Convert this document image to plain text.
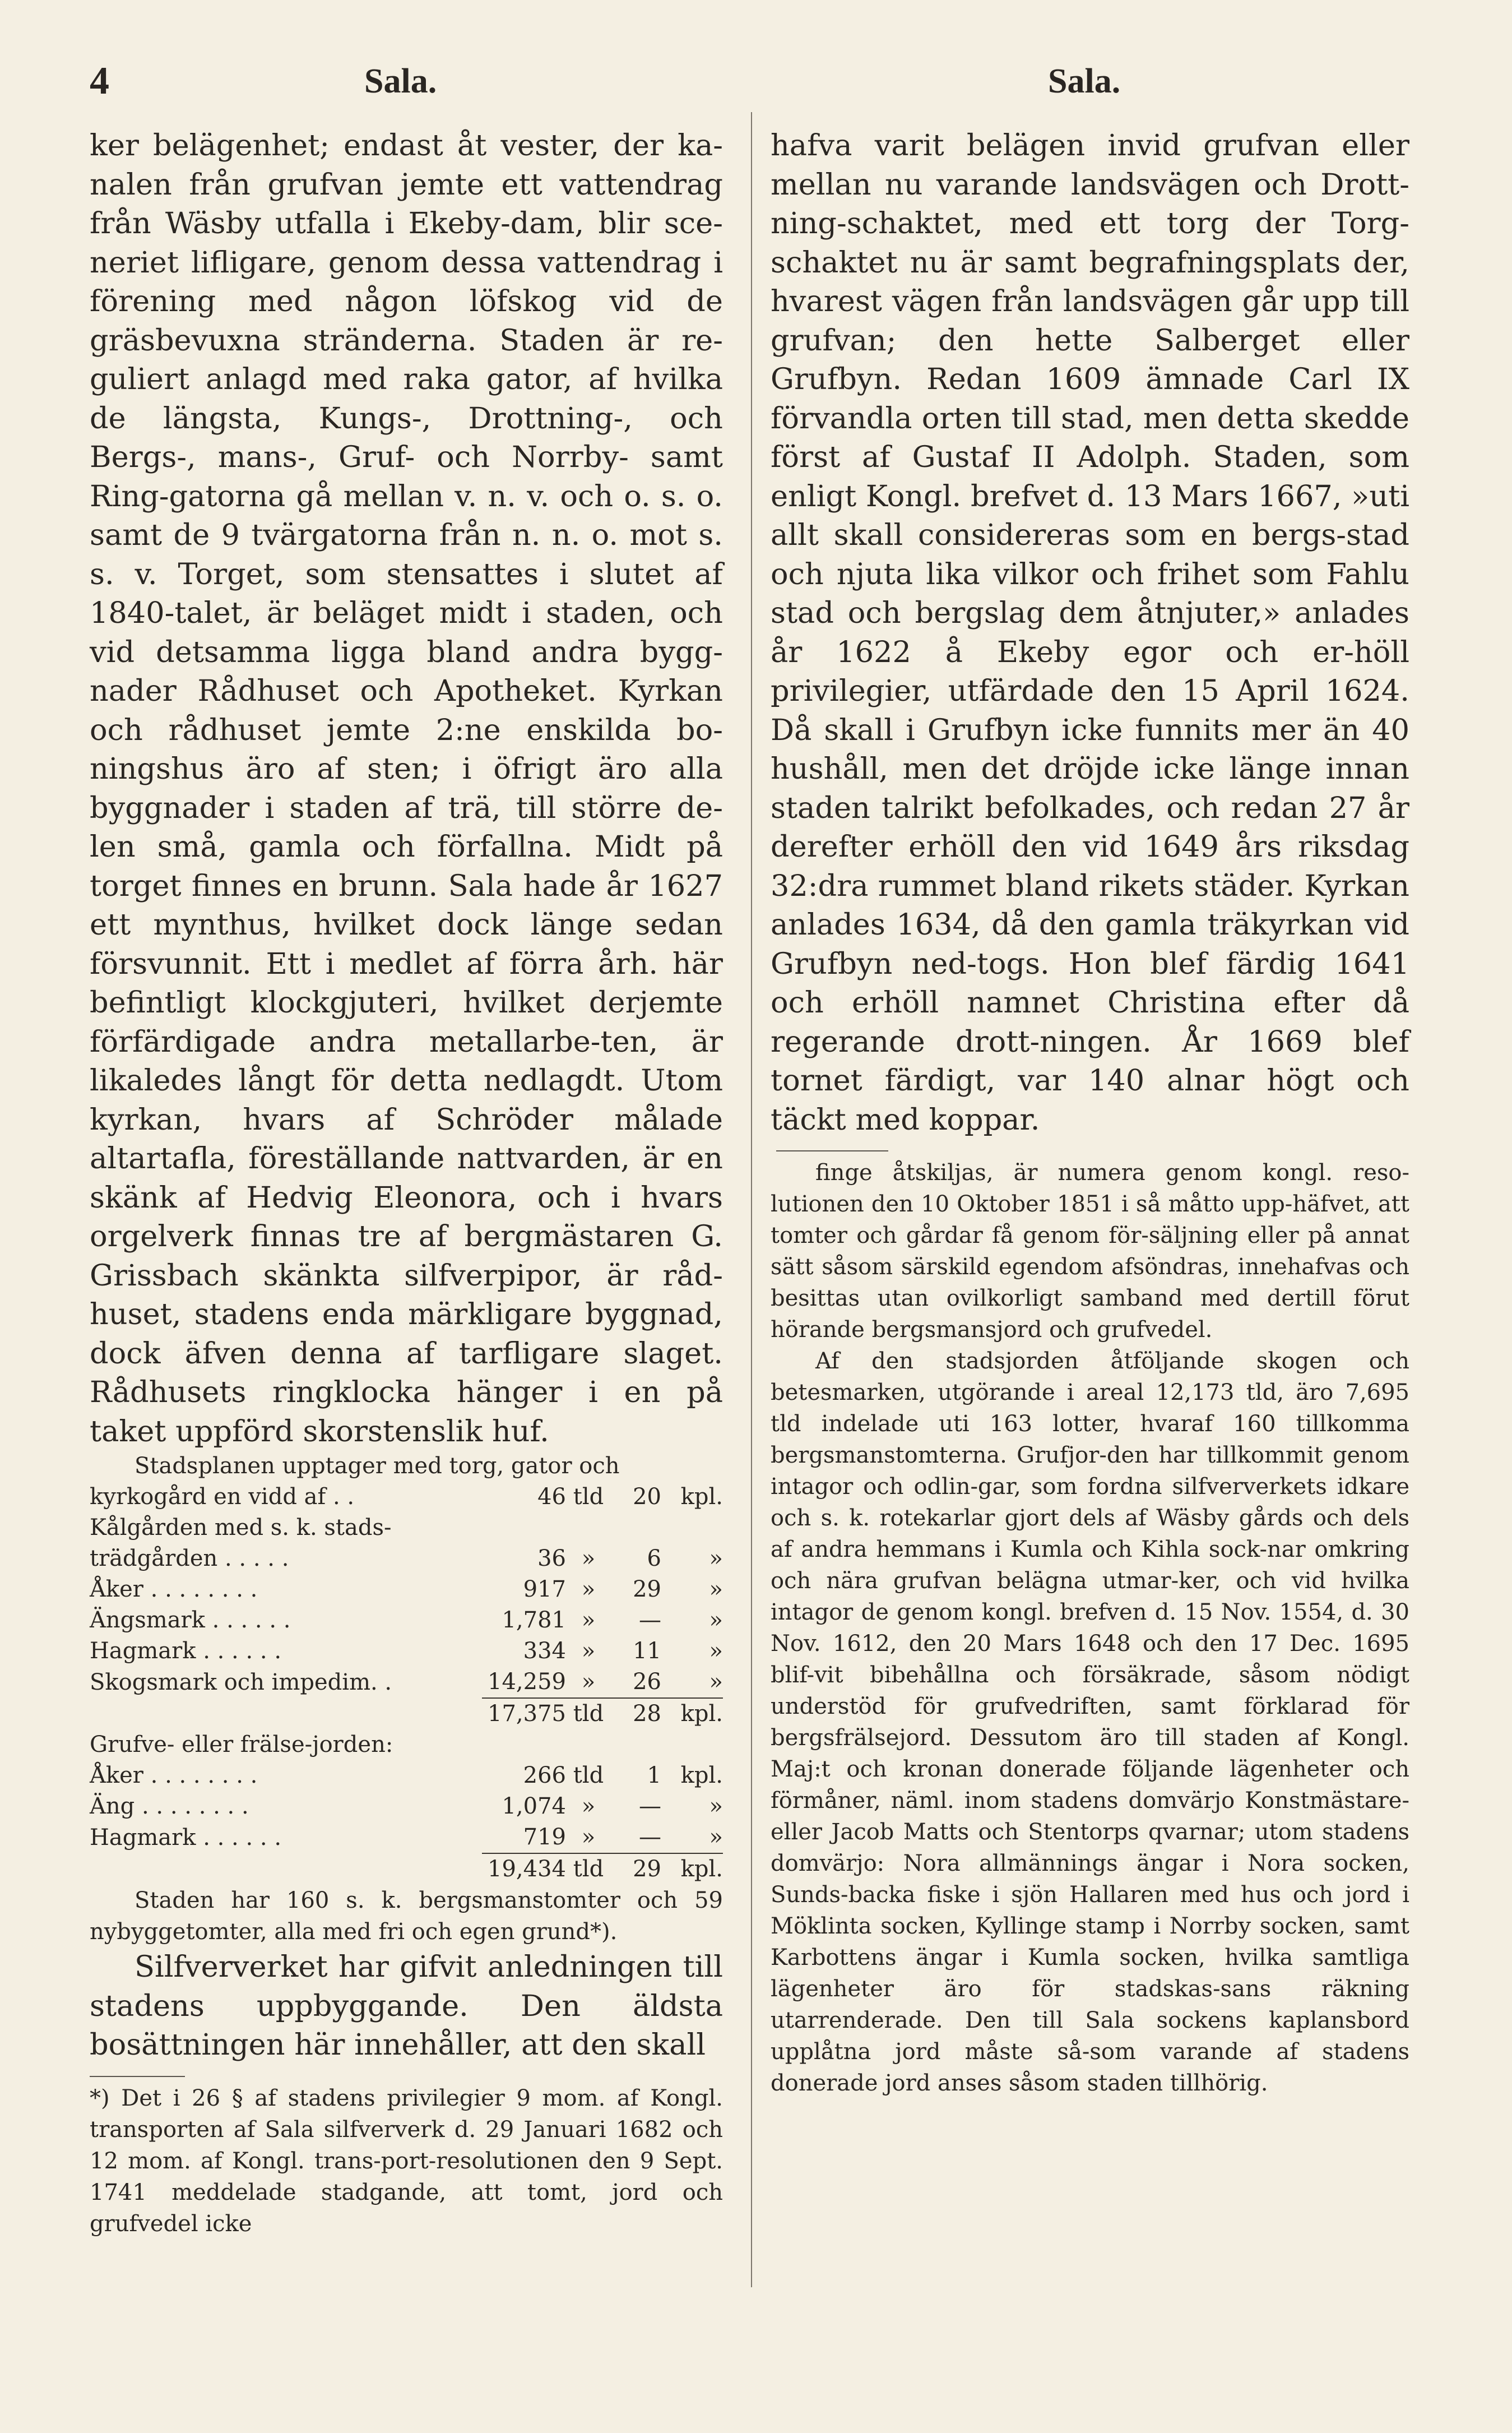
4	Sala.	Sala.

ker belägenhet; endast åt vester, der ka-nalen från grufvan jemte ett vattendrag från Wäsby utfalla i Ekeby-dam, blir sce-neriet lifligare, genom dessa vattendrag i förening med någon löfskog vid de gräsbevuxna stränderna. Staden är re-guliert anlagd med raka gator, af hvilka de längsta, Kungs-, Drottning-, och Bergs-, mans-, Gruf- och Norrby- samt Ring-gatorna gå mellan v. n. v. och o. s. o. samt de 9 tvärgatorna från n. n. o. mot s. s. v. Torget, som stensattes i slutet af 1840-talet, är beläget midt i staden, och vid detsamma ligga bland andra bygg-nader Rådhuset och Apotheket. Kyrkan och rådhuset jemte 2:ne enskilda bo-ningshus äro af sten; i öfrigt äro alla byggnader i staden af trä, till större de-len små, gamla och förfallna. Midt på torget finnes en brunn. Sala hade år 1627 ett mynthus, hvilket dock länge sedan försvunnit. Ett i medlet af förra årh. här befintligt klockgjuteri, hvilket derjemte förfärdigade andra metallarbe-ten, är likaledes långt för detta nedlagdt. Utom kyrkan, hvars af Schröder målade altartafla, föreställande nattvarden, är en skänk af Hedvig Eleonora, och i hvars orgelverk finnas tre af bergmästaren G. Grissbach skänkta silfverpipor, är råd-huset, stadens enda märkligare byggnad, dock äfven denna af tarfligare slaget. Rådhusets ringklocka hänger i en på taket uppförd skorstenslik huf.

Stadsplanen upptager med torg, gator och				
kyrkogård en vidd af . .	46	tld	20	kpl.
Kålgården med s. k. stads-				
trädgården . . . . .	36	»	6	»
Åker . . . . . . . .	917	»	29	»
Ängsmark . . . . . .	1,781	»	—	»
Hagmark . . . . . .	334	»	11	»
Skogsmark och impedim. .	14,259	»	26	»
	17,375	tld	28	kpl.
Grufve- eller frälse-jorden:				
Åker . . . . . . . .	266	tld	1	kpl.
Äng . . . . . . . .	1,074	»	—	»
Hagmark . . . . . .	719	»	—	»
	19,434	tld	29	kpl.

Staden har 160 s. k. bergsmanstomter och 59 nybyggetomter, alla med fri och egen grund*).

Silfververket har gifvit anledningen till stadens uppbyggande. Den äldsta bosättningen här innehåller, att den skall

*) Det i 26 § af stadens privilegier 9 mom. af Kongl. transporten af Sala silfververk d. 29 Januari 1682 och 12 mom. af Kongl. trans-port-resolutionen den 9 Sept. 1741 meddelade stadgande, att tomt, jord och grufvedel icke

hafva varit belägen invid grufvan eller mellan nu varande landsvägen och Drott-ning-schaktet, med ett torg der Torg-schaktet nu är samt begrafningsplats der, hvarest vägen från landsvägen går upp till grufvan; den hette Salberget eller Grufbyn. Redan 1609 ämnade Carl IX förvandla orten till stad, men detta skedde först af Gustaf II Adolph. Staden, som enligt Kongl. brefvet d. 13 Mars 1667, »uti allt skall considereras som en bergs-stad och njuta lika vilkor och frihet som Fahlu stad och bergslag dem åtnjuter,» anlades år 1622 å Ekeby egor och er-höll privilegier, utfärdade den 15 April 1624. Då skall i Grufbyn icke funnits mer än 40 hushåll, men det dröjde icke länge innan staden talrikt befolkades, och redan 27 år derefter erhöll den vid 1649 års riksdag 32:dra rummet bland rikets städer. Kyrkan anlades 1634, då den gamla träkyrkan vid Grufbyn ned-togs. Hon blef färdig 1641 och erhöll namnet Christina efter då regerande drott-ningen. År 1669 blef tornet färdigt, var 140 alnar högt och täckt med koppar.

finge åtskiljas, är numera genom kongl. reso-lutionen den 10 Oktober 1851 i så måtto upp-häfvet, att tomter och gårdar få genom för-säljning eller på annat sätt såsom särskild egendom afsöndras, innehafvas och besittas utan ovilkorligt samband med dertill förut hörande bergsmansjord och grufvedel.

Af den stadsjorden åtföljande skogen och betesmarken, utgörande i areal 12,173 tld, äro 7,695 tld indelade uti 163 lotter, hvaraf 160 tillkomma bergsmanstomterna. Grufjor-den har tillkommit genom intagor och odlin-gar, som fordna silfververkets idkare och s. k. rotekarlar gjort dels af Wäsby gårds och dels af andra hemmans i Kumla och Kihla sock-nar omkring och nära grufvan belägna utmar-ker, och vid hvilka intagor de genom kongl. brefven d. 15 Nov. 1554, d. 30 Nov. 1612, den 20 Mars 1648 och den 17 Dec. 1695 blif-vit bibehållna och försäkrade, såsom nödigt understöd för grufvedriften, samt förklarad för bergsfrälsejord. Dessutom äro till staden af Kongl. Maj:t och kronan donerade följande lägenheter och förmåner, näml. inom stadens domvärjo Konstmästare- eller Jacob Matts och Stentorps qvarnar; utom stadens domvärjo: Nora allmännings ängar i Nora socken, Sunds-backa fiske i sjön Hallaren med hus och jord i Möklinta socken, Kyllinge stamp i Norrby socken, samt Karbottens ängar i Kumla socken, hvilka samtliga lägenheter äro för stadskas-sans räkning utarrenderade. Den till Sala sockens kaplansbord upplåtna jord måste så-som varande af stadens donerade jord anses såsom staden tillhörig.
